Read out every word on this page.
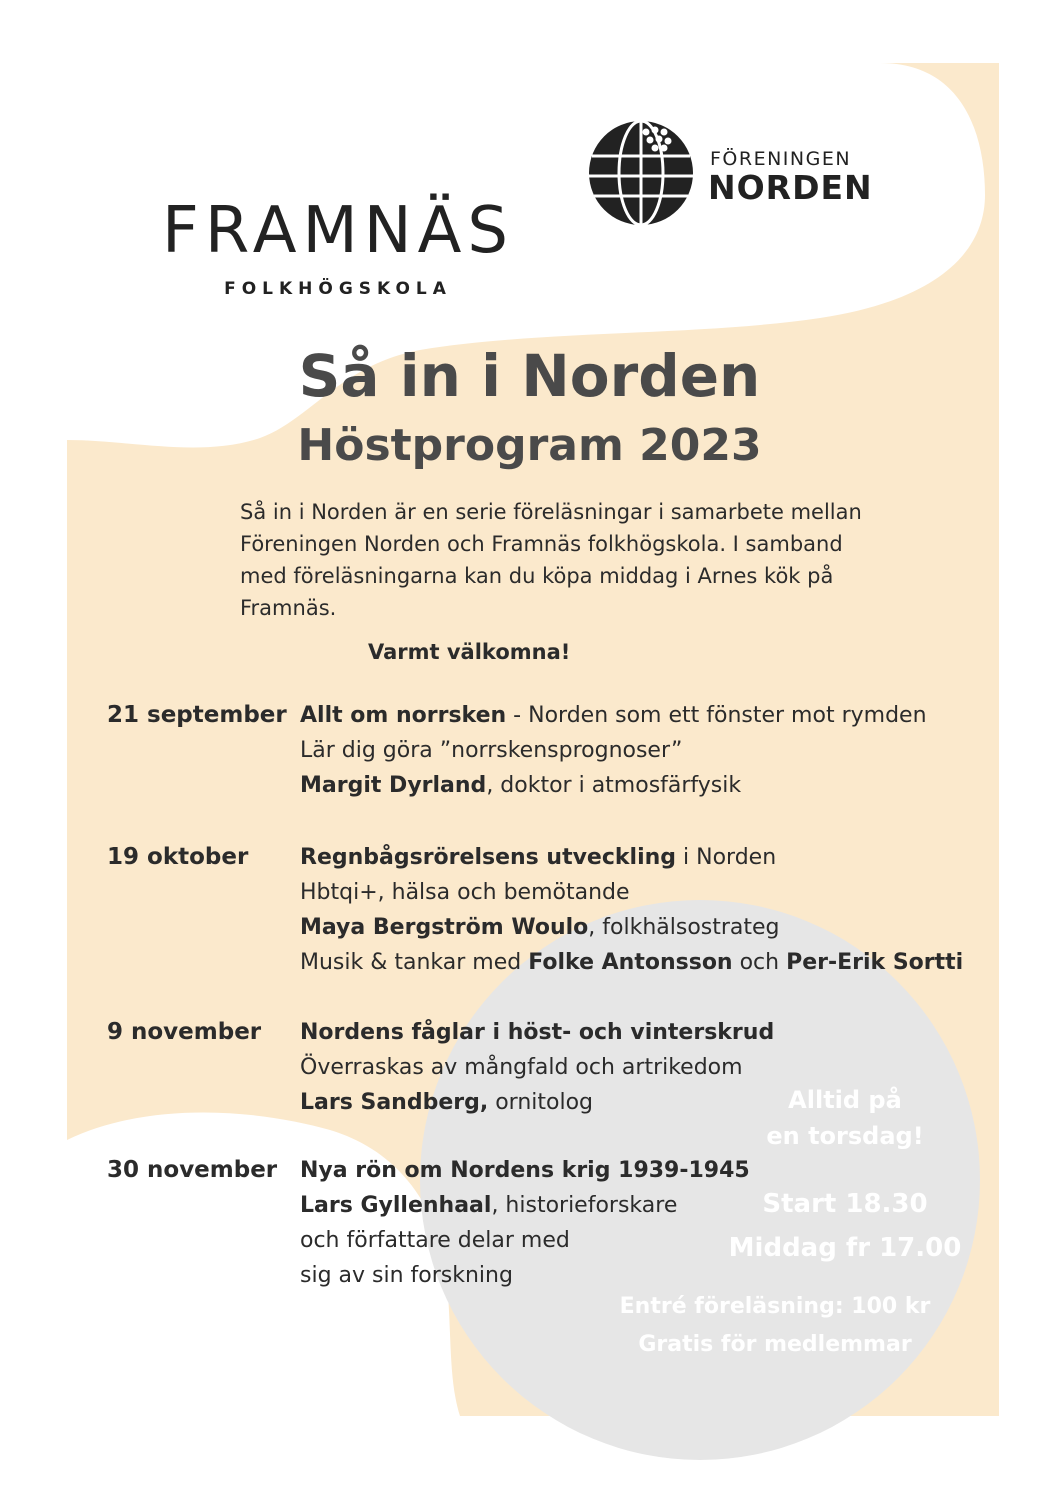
FRAMNÄS
FOLKHÖGSKOLA
FÖRENINGEN
NORDEN
Så in i Norden
Höstprogram 2023
Så in i Norden är en serie föreläsningar i samarbete mellan
Föreningen Norden och Framnäs folkhögskola. I samband
med föreläsningarna kan du köpa middag i Arnes kök på
Framnäs.
Varmt välkomna!
21 september Allt om norrsken - Norden som ett fönster mot rymden
Lär dig göra ”norrskensprognoser”
Margit Dyrland, doktor i atmosfärfysik
19 oktober Regnbågsrörelsens utveckling i Norden
Hbtqi+, hälsa och bemötande
Maya Bergström Woulo, folkhälsostrateg
Musik & tankar med Folke Antonsson och Per-Erik Sortti
9 november Nordens fåglar i höst- och vinterskrud
Överraskas av mångfald och artrikedom
Lars Sandberg, ornitolog
30 november Nya rön om Nordens krig 1939-1945
Lars Gyllenhaal, historieforskare
och författare delar med
sig av sin forskning
Alltid på
en torsdag!
Start 18.30
Middag fr 17.00
Entré föreläsning: 100 kr
Gratis för medlemmar
